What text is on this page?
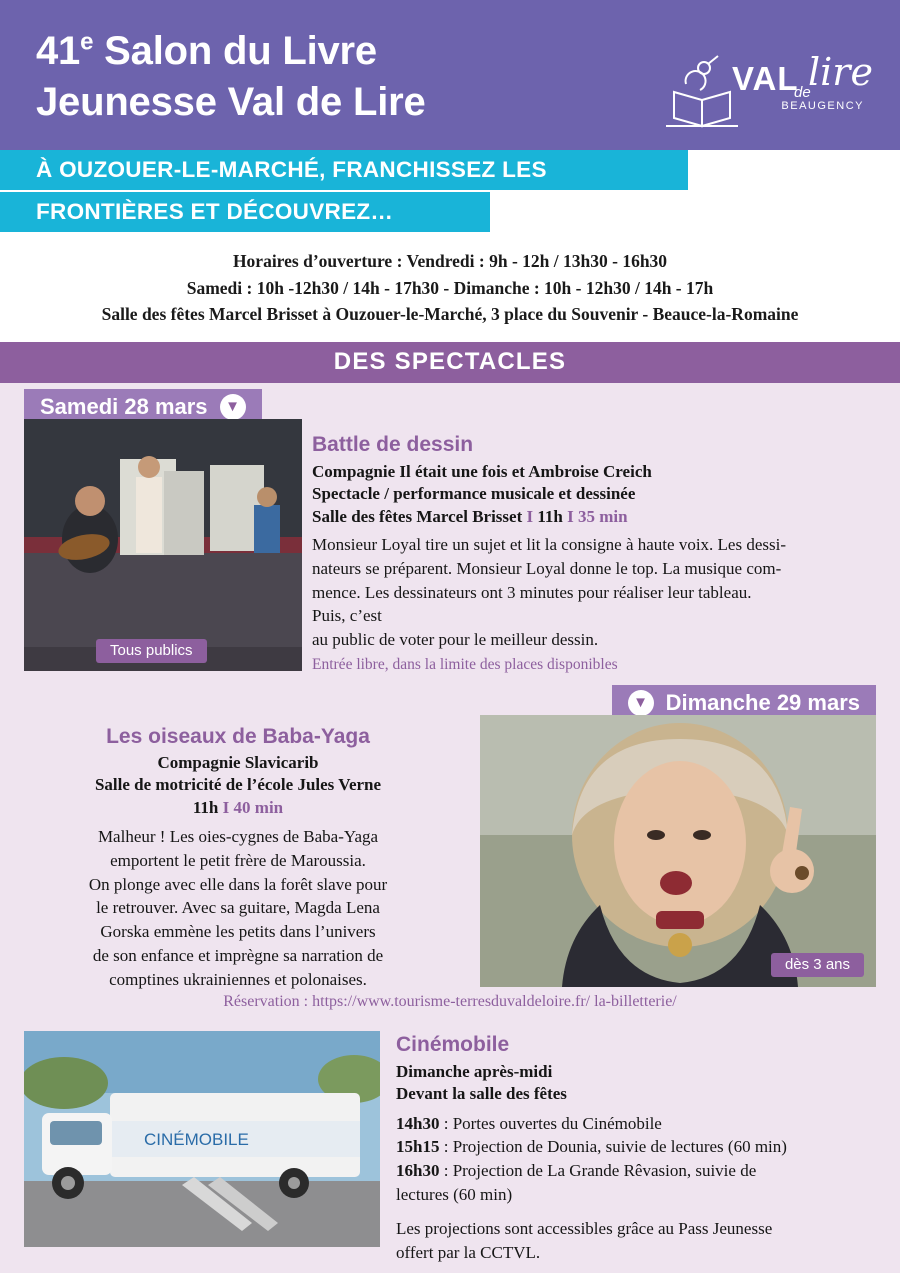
41e Salon du Livre
Jeunesse Val de Lire
VAL
de
lire
BEAUGENCY
À OUZOUER-LE-MARCHÉ, FRANCHISSEZ LES
FRONTIÈRES ET DÉCOUVREZ…

Horaires d’ouverture : Vendredi : 9h - 12h / 13h30 - 16h30

Samedi : 10h -12h30 / 14h - 17h30 - Dimanche : 10h - 12h30 / 14h - 17h

Salle des fêtes Marcel Brisset à Ouzouer-le-Marché, 3 place du Souvenir - Beauce-la-Romaine

DES SPECTACLES
Samedi 28 mars	▼
Tous publics
Battle de dessin
Compagnie Il était une fois et Ambroise Creich
Spectacle / performance musicale et dessinée
Salle des fêtes Marcel Brisset I 11h I 35 min
Monsieur Loyal tire un sujet et lit la consigne à haute voix. Les dessi-
nateurs se préparent. Monsieur Loyal donne le top. La musique com-
mence. Les dessinateurs ont 3 minutes pour réaliser leur tableau.
Puis, c’est
au public de voter pour le meilleur dessin.
Entrée libre, dans la limite des places disponibles
▼ Dimanche 29 mars
dès 3 ans
Les oiseaux de Baba-Yaga
Compagnie Slavicarib
Salle de motricité de l’école Jules Verne
11h I 40 min
Malheur ! Les oies-cygnes de Baba-Yaga
emportent le petit frère de Maroussia.
On plonge avec elle dans la forêt slave pour
le retrouver. Avec sa guitare, Magda Lena
Gorska emmène les petits dans l’univers
de son enfance et imprègne sa narration de
comptines ukrainiennes et polonaises.
Réservation : https://www.tourisme-terresduvaldeloire.fr/ la-billetterie/
CINÉMOBILE
Cinémobile
Dimanche après-midi
Devant la salle des fêtes
14h30 : Portes ouvertes du Cinémobile
15h15 : Projection de Dounia, suivie de lectures (60 min)
16h30 : Projection de La Grande Rêvasion, suivie de
lectures (60 min)
Les projections sont accessibles grâce au Pass Jeunesse
offert par la CCTVL.
